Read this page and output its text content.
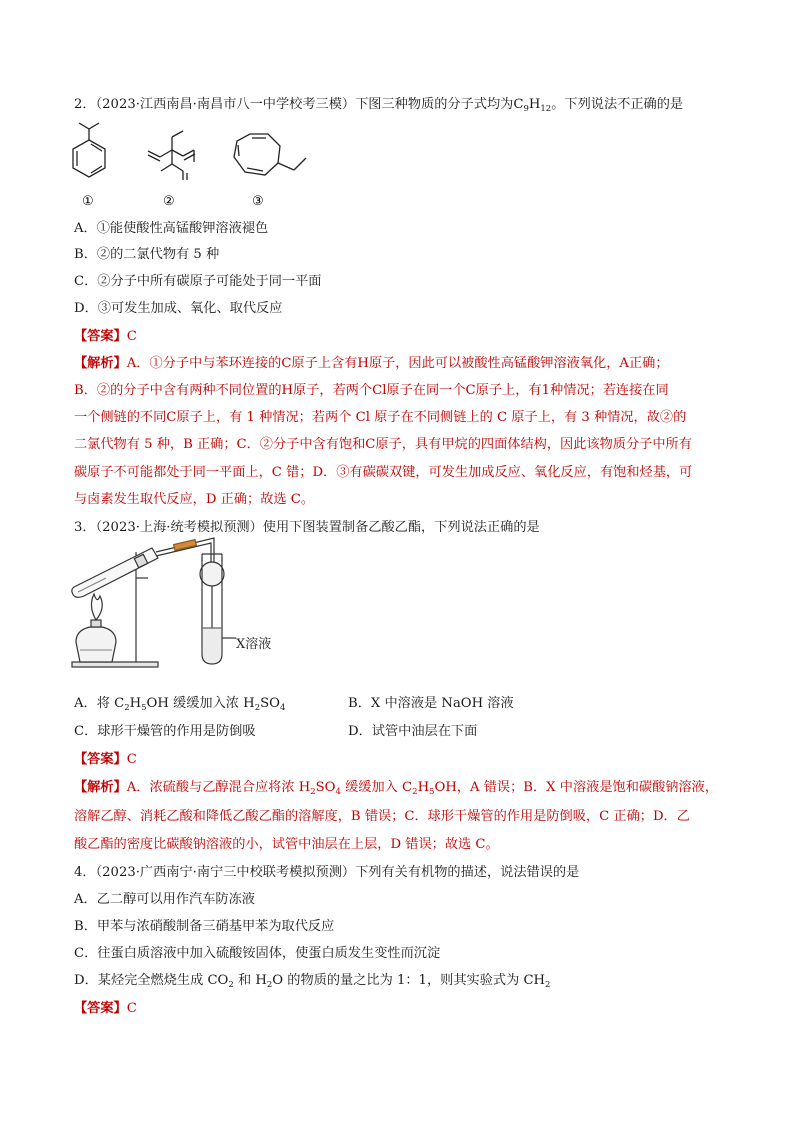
2．（2023·江西南昌·南昌市八一中学校考三模）下图三种物质的分子式均为$C_9H_{12}$。下列说法不正确的是
①	②	③
A．①能使酸性高锰酸钾溶液褪色
B．②的二氯代物有 5 种
C．②分子中所有碳原子可能处于同一平面
D．③可发生加成、氧化、取代反应
【答案】C
【解析】A．①分子中与苯环连接的C原子上含有H原子，因此可以被酸性高锰酸钾溶液氧化，A正确；
B．②的分子中含有两种不同位置的H原子，若两个Cl原子在同一个C原子上，有1种情况；若连接在同
一个侧链的不同C原子上，有 1 种情况；若两个 Cl 原子在不同侧链上的 C 原子上，有 3 种情况，故②的
二氯代物有 5 种，B 正确；C．②分子中含有饱和C原子，具有甲烷的四面体结构，因此该物质分子中所有
碳原子不可能都处于同一平面上，C 错；D．③有碳碳双键，可发生加成反应、氧化反应，有饱和烃基，可
与卤素发生取代反应，D 正确；故选 C。
3．（2023·上海·统考模拟预测）使用下图装置制备乙酸乙酯，下列说法正确的是
X溶液
A．将 $C_2H_5OH$ 缓缓加入浓 $H_2SO_4$	B．X 中溶液是 NaOH 溶液
C．球形干燥管的作用是防倒吸	D．试管中油层在下面
【答案】C
【解析】A．浓硫酸与乙醇混合应将浓 $H_2SO_4$ 缓缓加入 $C_2H_5OH$，A 错误；B．X 中溶液是饱和碳酸钠溶液，
溶解乙醇、消耗乙酸和降低乙酸乙酯的溶解度，B 错误；C．球形干燥管的作用是防倒吸，C 正确；D．乙
酸乙酯的密度比碳酸钠溶液的小，试管中油层在上层，D 错误；故选 C。
4．（2023·广西南宁·南宁三中校联考模拟预测）下列有关有机物的描述，说法错误的是
A．乙二醇可以用作汽车防冻液
B．甲苯与浓硝酸制备三硝基甲苯为取代反应
C．往蛋白质溶液中加入硫酸铵固体，使蛋白质发生变性而沉淀
D．某烃完全燃烧生成 $CO_2$ 和 $H_2O$ 的物质的量之比为 1：1，则其实验式为 $CH_2$
【答案】C
